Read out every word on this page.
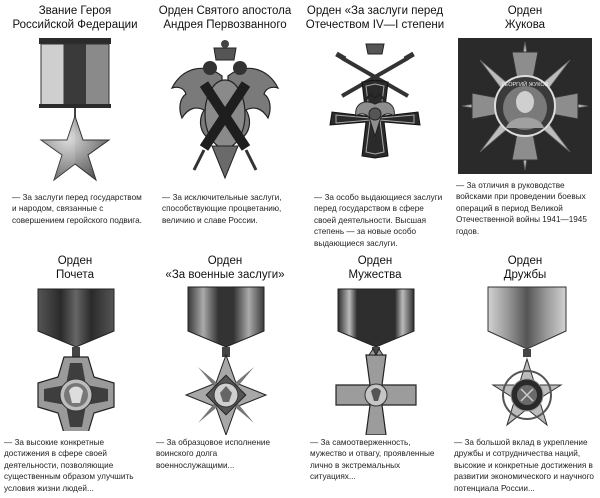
Звание Героя
Российской Федерации
— За заслуги перед государством и народом, связанные с совершением геройского подвига.
Орден Святого апостола
Андрея Первозванного
— За исключительные заслуги, способствующие процветанию, величию и славе России.
Орден «За заслуги перед
Отечеством IV—I степени
— За особо выдающиеся заслуги перед государством в сфере своей деятельности. Высшая степень — за новые особо выдающиеся заслуги.
Орден
Жукова
ГЕОРГИЙ ЖУКОВ
— За отличия в руководстве войсками при проведении боевых операций в период Великой Отечественной войны 1941—1945 годов.
Орден
Почета
— За высокие конкретные достижения в сфере своей деятельности, позволяющие существенным образом улучшить условия жизни людей...
Орден
«За военные заслуги»
— За образцовое исполнение воинского долга военнослужащими...
Орден
Мужества
— За самоотверженность, мужество и отвагу, проявленные лично в экстремальных ситуациях...
Орден
Дружбы
— За большой вклад в укрепление дружбы и сотрудничества наций, высокие и конкретные достижения в развитии экономического и научного потенциала России...
